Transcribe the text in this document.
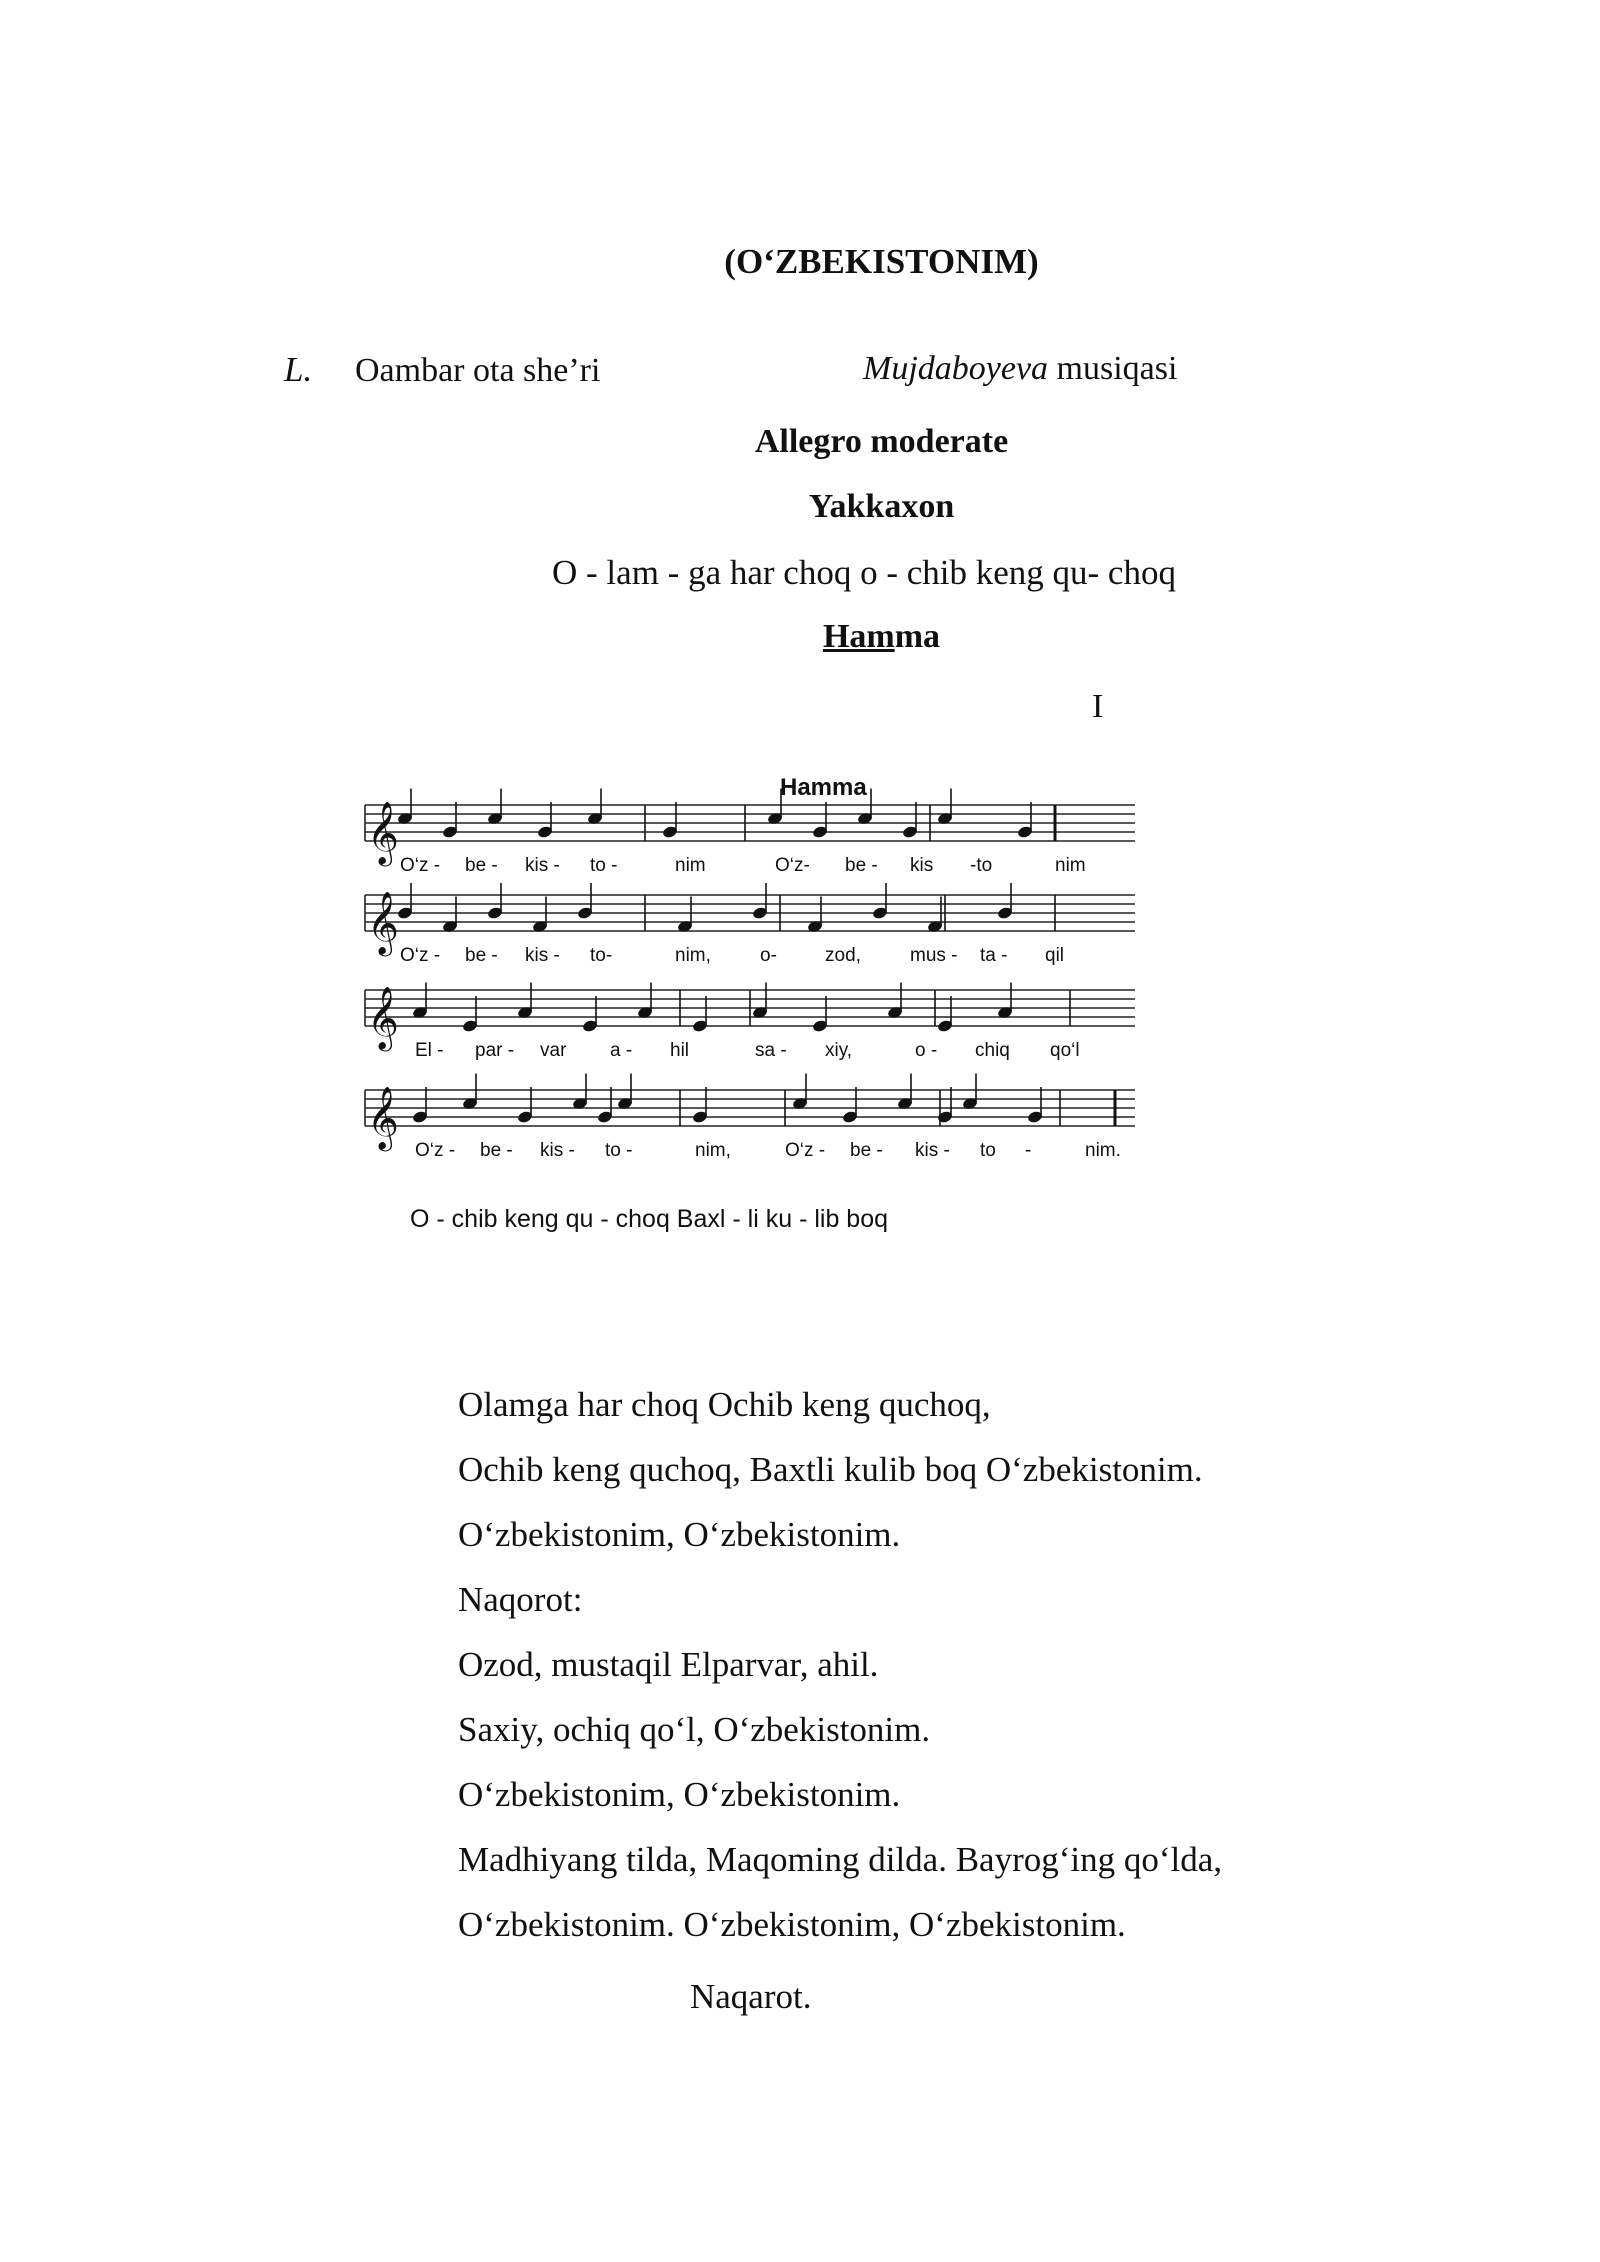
(O‘ZBEKISTONIM)
L. Oambar ota she’ri	Mujdaboyeva musiqasi
Allegro moderate
Yakkaxon
O - lam - ga har choq o - chib keng qu- choq
Hamma
I
𝄞
O‘z - be - kis - to -	nim	O‘z- be - kis -to	nim
𝄞
O‘z - be - kis - to-	nim,	o-	zod,	mus - ta - qil
𝄞
El - par - var a - hil	sa - xiy,	o - chiq qo‘l
𝄞
O‘z - be - kis - to -	nim,	O‘z - be - kis - to -	nim.
Hamma
O - chib keng qu - choq Baxl - li ku - lib boq
Olamga har choq Ochib keng quchoq,
Ochib keng quchoq, Baxtli kulib boq O‘zbekistonim.
O‘zbekistonim, O‘zbekistonim.
Naqorot:
Ozod, mustaqil Elparvar, ahil.
Saxiy, ochiq qo‘l, O‘zbekistonim.
O‘zbekistonim, O‘zbekistonim.
Madhiyang tilda, Maqoming dilda. Bayrog‘ing qo‘lda,
O‘zbekistonim. O‘zbekistonim, O‘zbekistonim.
Naqarot.
